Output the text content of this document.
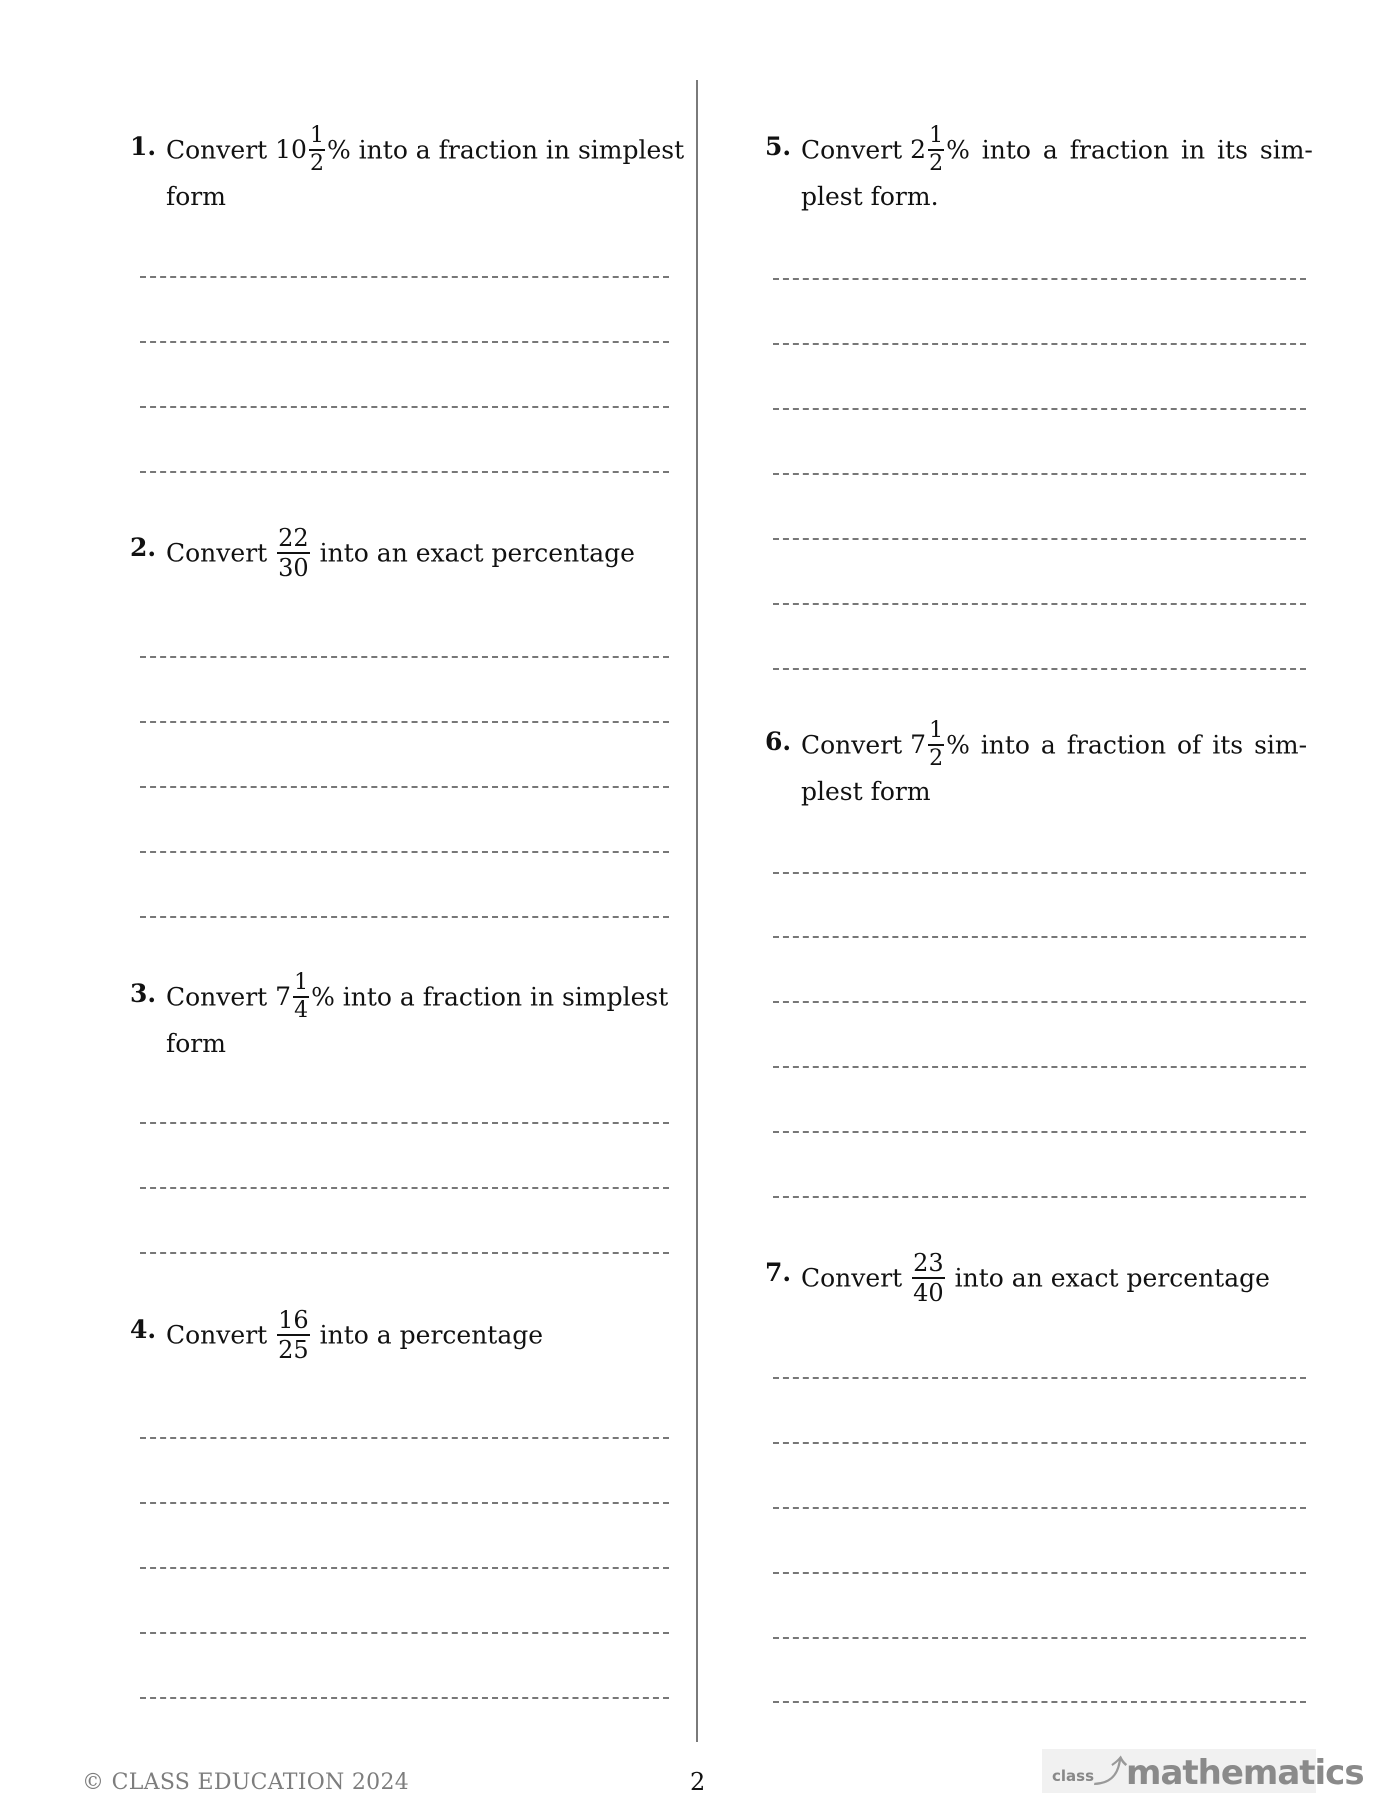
1. Convert $10 \frac{1}{2}$ % into a fraction in simplest
form
2. Convert $\frac{22}{30}$ into an exact percentage
3. Convert $7 \frac{1}{4}$ % into a fraction in simplest
form
4. Convert $\frac{16}{25}$ into a percentage
5. Convert $2 \frac{1}{2}$ % into a fraction in its sim-
plest form.
6. Convert $7 \frac{1}{2}$ % into a fraction of its sim-
plest form
7. Convert $\frac{23}{40}$ into an exact percentage
© CLASS EDUCATION 2024	2	class
⤴
mathematics
